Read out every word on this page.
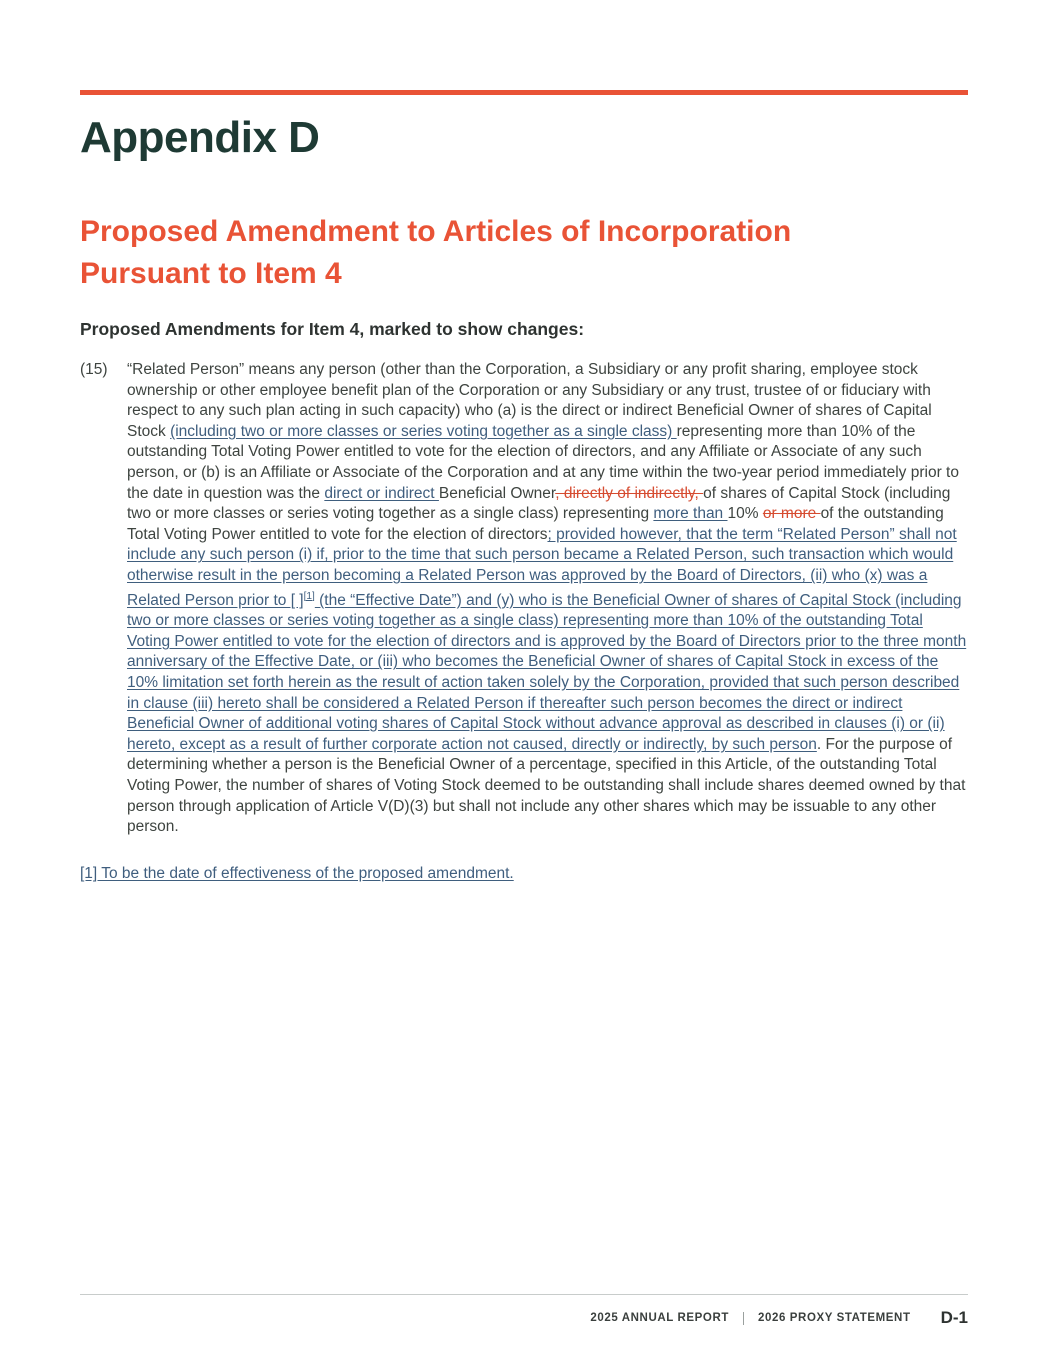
Appendix D
Proposed Amendment to Articles of Incorporation Pursuant to Item 4
Proposed Amendments for Item 4, marked to show changes:
(15)	“Related Person” means any person (other than the Corporation, a Subsidiary or any profit sharing, employee stock ownership or other employee benefit plan of the Corporation or any Subsidiary or any trust, trustee of or fiduciary with respect to any such plan acting in such capacity) who (a) is the direct or indirect Beneficial Owner of shares of Capital Stock (including two or more classes or series voting together as a single class) representing more than 10% of the outstanding Total Voting Power entitled to vote for the election of directors, and any Affiliate or Associate of any such person, or (b) is an Affiliate or Associate of the Corporation and at any time within the two-year period immediately prior to the date in question was the direct or indirect Beneficial Owner, directly of indirectly, of shares of Capital Stock (including two or more classes or series voting together as a single class) representing more than 10% or more of the outstanding Total Voting Power entitled to vote for the election of directors; provided however, that the term “Related Person” shall not include any such person (i) if, prior to the time that such person became a Related Person, such transaction which would otherwise result in the person becoming a Related Person was approved by the Board of Directors, (ii) who (x) was a Related Person prior to [ ][1] (the “Effective Date”) and (y) who is the Beneficial Owner of shares of Capital Stock (including two or more classes or series voting together as a single class) representing more than 10% of the outstanding Total Voting Power entitled to vote for the election of directors and is approved by the Board of Directors prior to the three month anniversary of the Effective Date, or (iii) who becomes the Beneficial Owner of shares of Capital Stock in excess of the 10% limitation set forth herein as the result of action taken solely by the Corporation, provided that such person described in clause (iii) hereto shall be considered a Related Person if thereafter such person becomes the direct or indirect Beneficial Owner of additional voting shares of Capital Stock without advance approval as described in clauses (i) or (ii) hereto, except as a result of further corporate action not caused, directly or indirectly, by such person. For the purpose of determining whether a person is the Beneficial Owner of a percentage, specified in this Article, of the outstanding Total Voting Power, the number of shares of Voting Stock deemed to be outstanding shall include shares deemed owned by that person through application of Article V(D)(3) but shall not include any other shares which may be issuable to any other person.
[1] To be the date of effectiveness of the proposed amendment.
2025 ANNUAL REPORT	2026 PROXY STATEMENT D-1
